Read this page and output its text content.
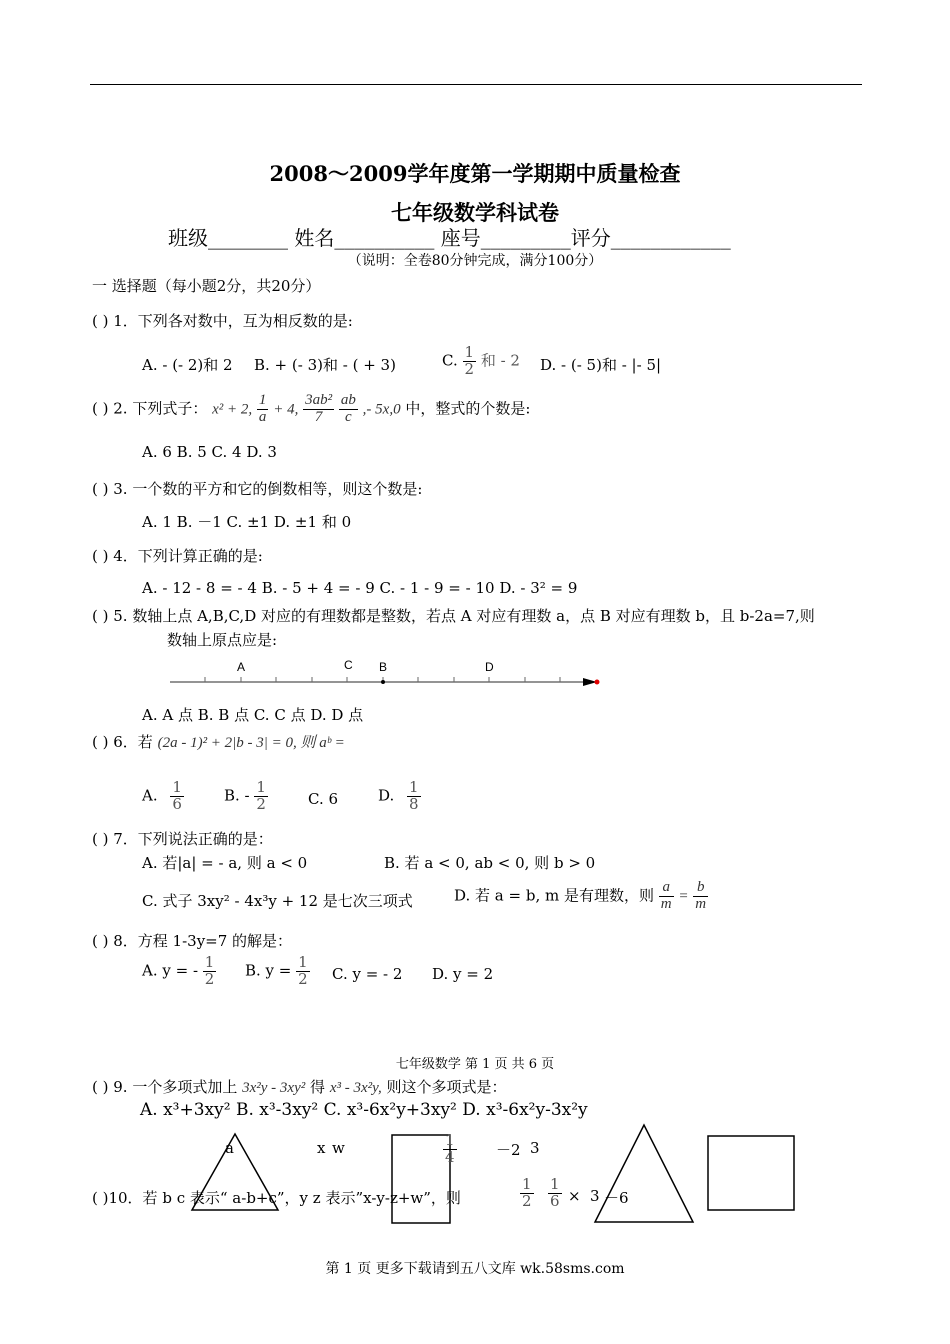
2008～2009学年度第一学期期中质量检查
七年级数学科试卷
班级________ 姓名__________ 座号_________评分____________
（说明：全卷80分钟完成，满分100分）
一 选择题（每小题2分，共20分）
( ) 1．下列各对数中，互为相反数的是:
A. - (- 2)和 2 B. + (- 3)和 - ( + 3)	C. $\frac{1}{2}$ 和 - 2 D. - (- 5)和 - |- 5|
( ) 2. 下列式子： x² + 2, $\frac{1}{a} + 4$, $\frac{\text{3ab²}}{7}$
$\frac{ab}{c}$ ,- 5x,0 中，整式的个数是:
A. 6 B. 5 C. 4 D. 3
( ) 3. 一个数的平方和它的倒数相等，则这个数是:
A. 1 B. －1 C. ±1 D. ±1 和 0
( ) 4．下列计算正确的是:
A. - 12 - 8 = - 4 B. - 5 + 4 = - 9 C. - 1 - 9 = - 10 D. - 3² = 9
( ) 5. 数轴上点 A,B,C,D 对应的有理数都是整数，若点 A 对应有理数 a，点 B 对应有理数 b，且 b-2a=7,则
数轴上原点应是:
A	C B	D
A. A 点 B. B 点 C. C 点 D. D 点
( ) 6．若 (2a - 1)² + 2|b - 3| = 0, 则 aᵇ =
A. $\frac{1}{6}$	B. - $\frac{1}{2}$	C. 6	D. $\frac{1}{8}$
( ) 7．下列说法正确的是：
A. 若|a| = - a, 则 a < 0	B. 若 a < 0, ab < 0, 则 b > 0
C. 式子 3xy² - 4x³y + 12 是七次三项式	D. 若 a = b, m 是有理数，则 $\frac{a}{m} = \frac{b}{m}$
( ) 8．方程 1-3y=7 的解是：
A. y = - $\frac{1}{2} B$. $y = \frac{1}{2} C$. y = - 2 D. y = 2
七年级数学 第 1 页 共 6 页
( ) 9. 一个多项式加上 3x²y - 3xy² 得 x³ - 3x²y, 则这个多项式是：
A. x³+3xy² B. x³-3xy² C. x³-6x²y+3xy² D. x³-6x²y-3x²y
a	x w	$\frac{1}{4}$	－2 3
( )10．若 b c 表示“ a-b+c”，y z 表示”x-y-z+w”，则	$\frac{1}{2} \frac{1}{6} \times 3 -6$
第 1 页 更多下载请到五八文库 wk.58sms.com
